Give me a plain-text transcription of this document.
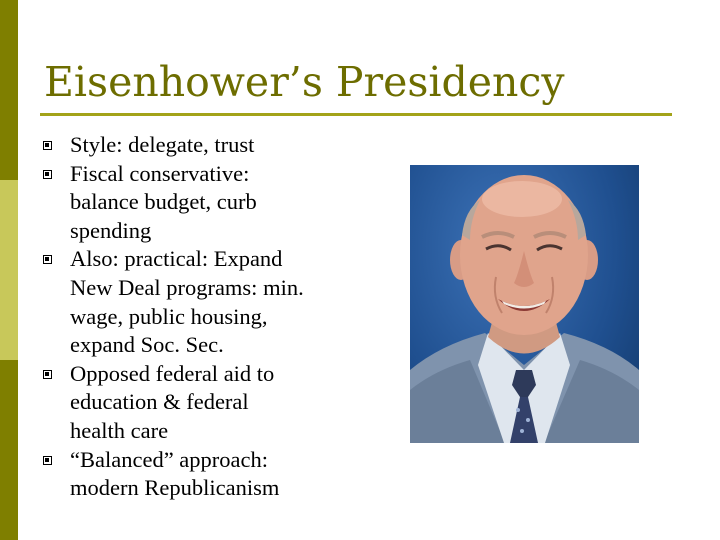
Eisenhower’s Presidency
Style: delegate, trust
Fiscal conservative:
balance budget, curb
spending
Also: practical: Expand
New Deal programs: min.
wage, public housing,
expand Soc. Sec.
Opposed federal aid to
education & federal
health care
“Balanced” approach:
modern Republicanism
